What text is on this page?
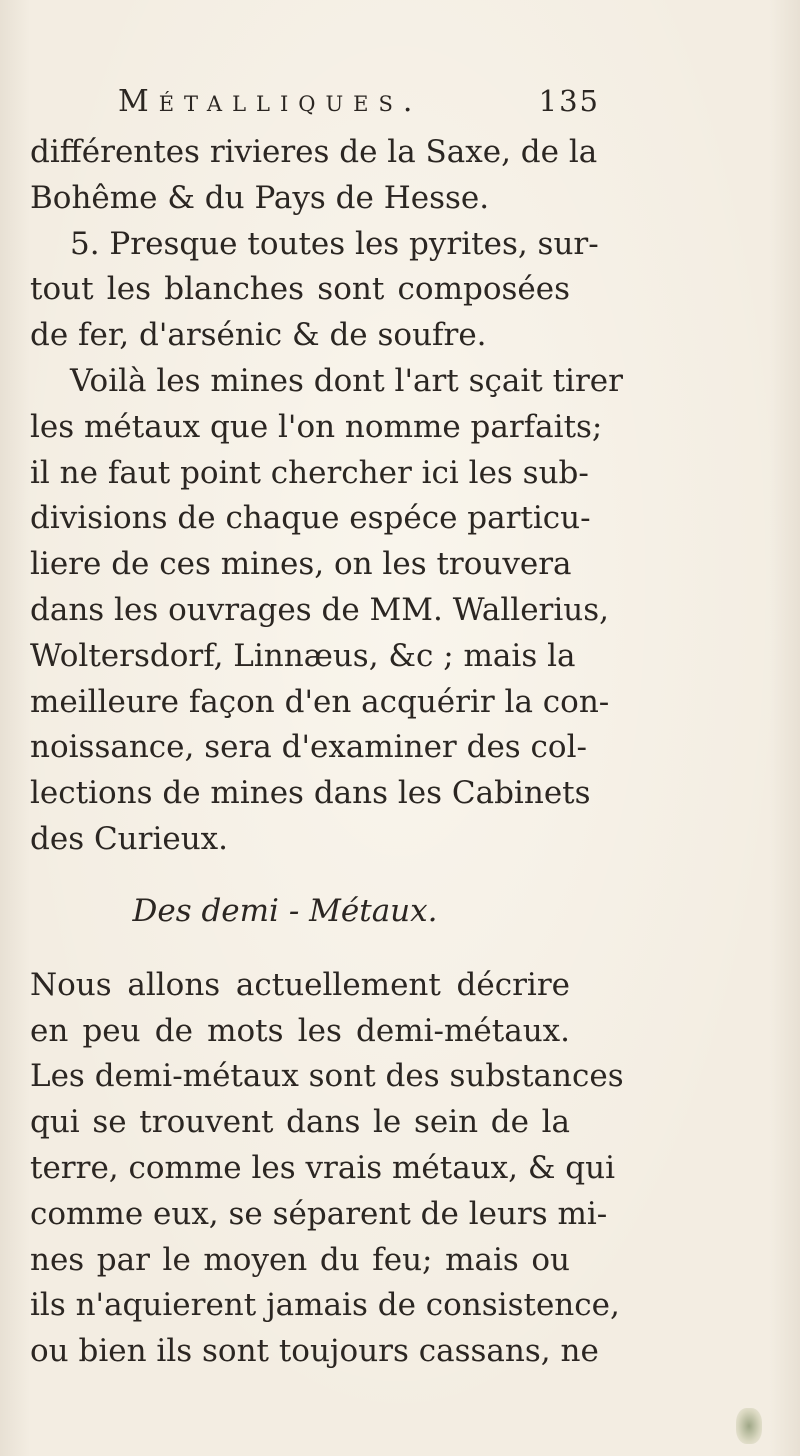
Métalliques.	135
différentes rivieres de la Saxe, de la
Bohême & du Pays de Hesse.
5. Presque toutes les pyrites, sur-
tout les blanches sont composées
de fer, d'arsénic & de soufre.
Voilà les mines dont l'art sçait tirer
les métaux que l'on nomme parfaits;
il ne faut point chercher ici les sub-
divisions de chaque espéce particu-
liere de ces mines, on les trouvera
dans les ouvrages de MM. Wallerius,
Woltersdorf, Linnæus, &c ; mais la
meilleure façon d'en acquérir la con-
noissance, sera d'examiner des col-
lections de mines dans les Cabinets
des Curieux.
Des demi - Métaux.
Nous allons actuellement décrire
en peu de mots les demi-métaux.
Les demi-métaux sont des substances
qui se trouvent dans le sein de la
terre, comme les vrais métaux, & qui
comme eux, se séparent de leurs mi-
nes par le moyen du feu; mais ou
ils n'aquierent jamais de consistence,
ou bien ils sont toujours cassans, ne
